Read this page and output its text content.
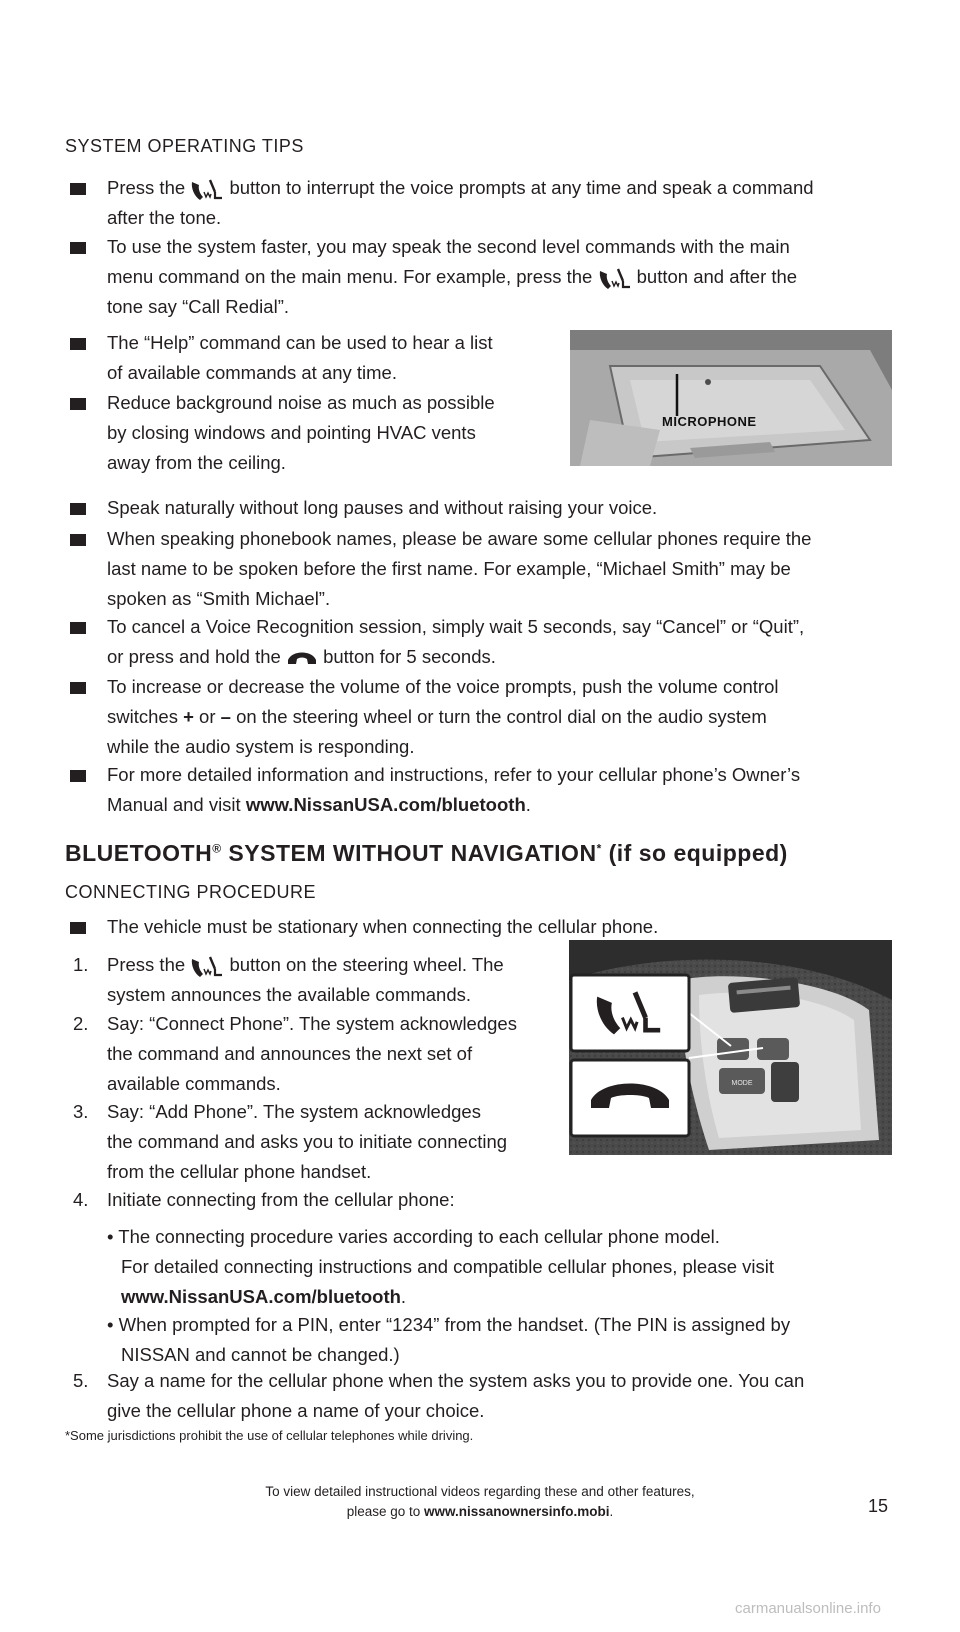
SYSTEM OPERATING TIPS
Press the button to interrupt the voice prompts at any time and speak a command
after the tone.
To use the system faster, you may speak the second level commands with the main
menu command on the main menu. For example, press the button and after the
tone say “Call Redial”.
The “Help” command can be used to hear a list
of available commands at any time.
Reduce background noise as much as possible
by closing windows and pointing HVAC vents
away from the ceiling.
MICROPHONE
Speak naturally without long pauses and without raising your voice.
When speaking phonebook names, please be aware some cellular phones require the
last name to be spoken before the first name. For example, “Michael Smith” may be
spoken as “Smith Michael”.
To cancel a Voice Recognition session, simply wait 5 seconds, say “Cancel” or “Quit”,
or press and hold the button for 5 seconds.
To increase or decrease the volume of the voice prompts, push the volume control
switches + or – on the steering wheel or turn the control dial on the audio system
while the audio system is responding.
For more detailed information and instructions, refer to your cellular phone’s Owner’s
Manual and visit www.NissanUSA.com/bluetooth.
BLUETOOTH® SYSTEM WITHOUT NAVIGATION* (if so equipped)
CONNECTING PROCEDURE
The vehicle must be stationary when connecting the cellular phone.
1. Press the button on the steering wheel. The
system announces the available commands.
2. Say: “Connect Phone”. The system acknowledges
the command and announces the next set of
available commands.
3. Say: “Add Phone”. The system acknowledges
the command and asks you to initiate connecting
from the cellular phone handset.
MODE
4. Initiate connecting from the cellular phone:
• The connecting procedure varies according to each cellular phone model.
For detailed connecting instructions and compatible cellular phones, please visit
www.NissanUSA.com/bluetooth.
• When prompted for a PIN, enter “1234” from the handset. (The PIN is assigned by
NISSAN and cannot be changed.)
5. Say a name for the cellular phone when the system asks you to provide one. You can
give the cellular phone a name of your choice.
*Some jurisdictions prohibit the use of cellular telephones while driving.
To view detailed instructional videos regarding these and other features,
please go to www.nissanownersinfo.mobi.	15
carmanualsonline.info
